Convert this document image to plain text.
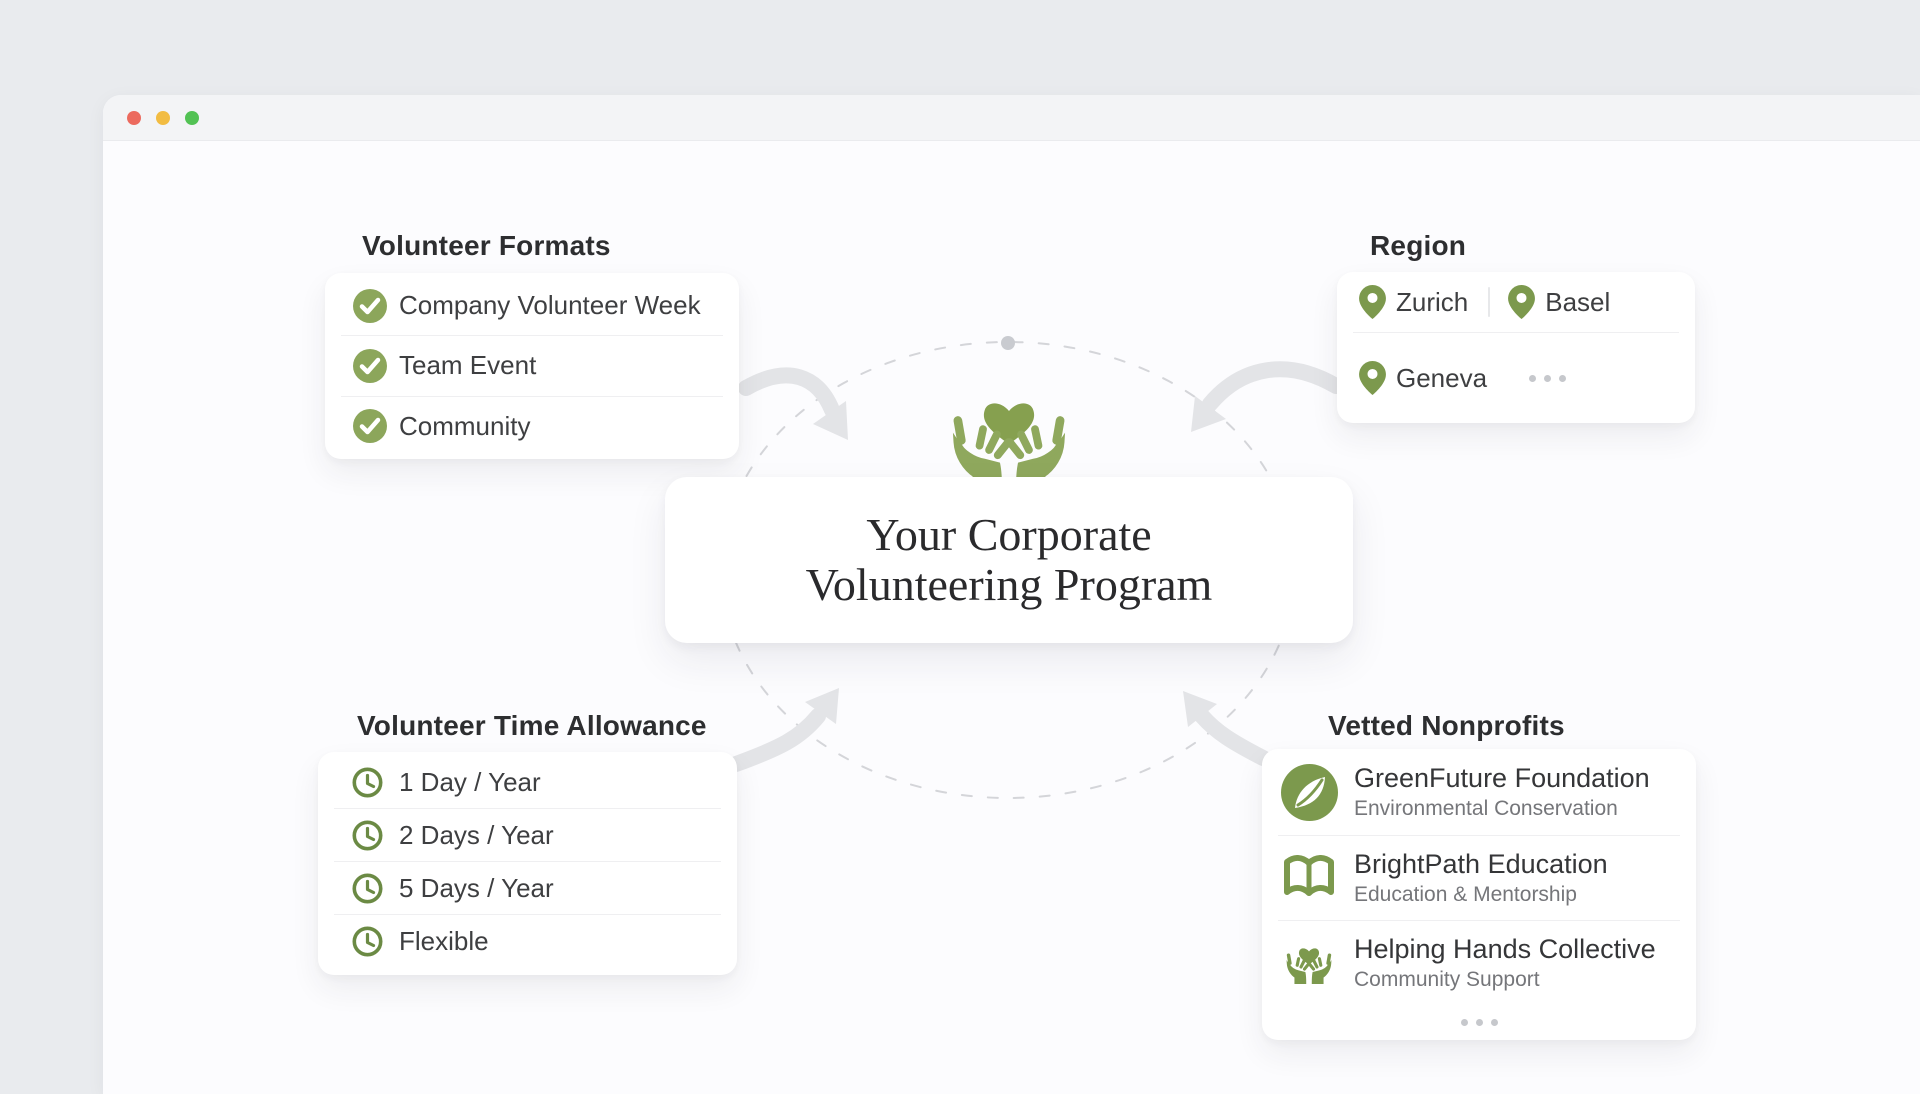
Volunteer Formats
Company Volunteer Week
Team Event
Community
Region
Zurich	Basel
Geneva
Your Corporate
Volunteering Program
Volunteer Time Allowance
1 Day / Year
2 Days / Year
5 Days / Year
Flexible
Vetted Nonprofits
GreenFuture Foundation
Environmental Conservation
BrightPath Education
Education & Mentorship
Helping Hands Collective
Community Support
